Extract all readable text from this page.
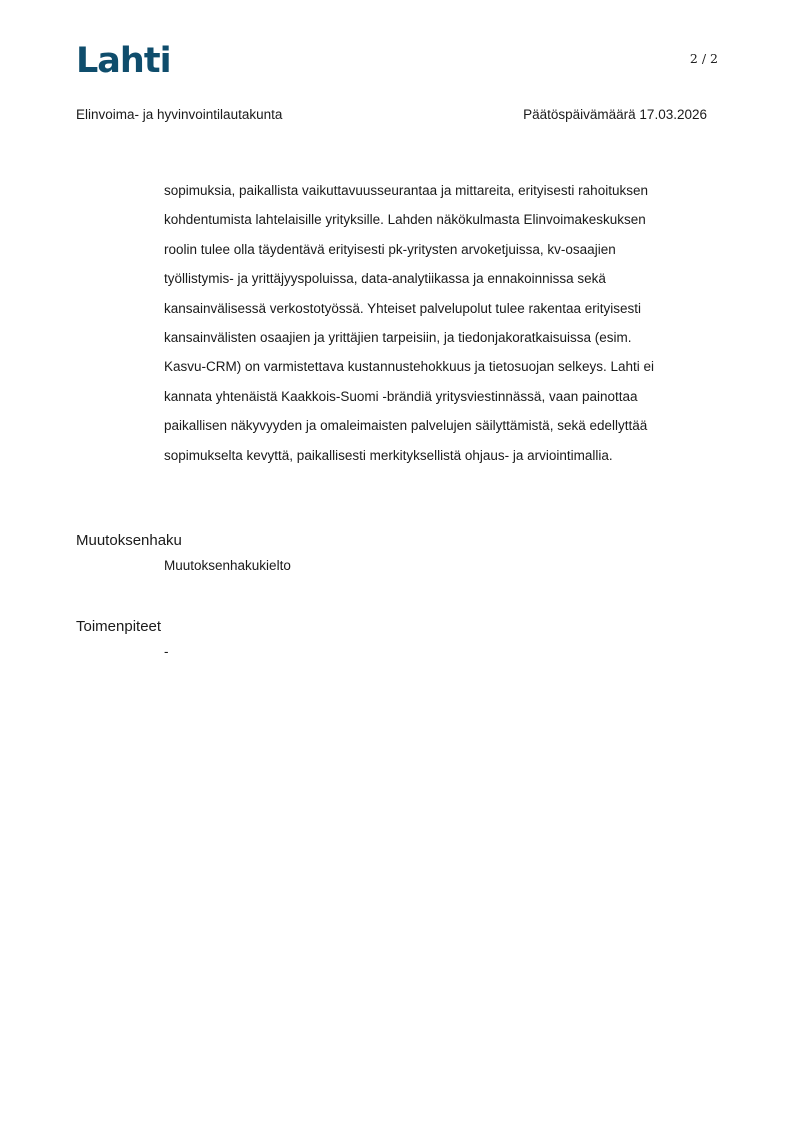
Lahti	2 / 2
Elinvoima- ja hyvinvointilautakunta	Päätöspäivämäärä 17.03.2026

sopimuksia, paikallista vaikuttavuusseurantaa ja mittareita, erityisesti rahoituksen

kohdentumista lahtelaisille yrityksille. Lahden näkökulmasta Elinvoimakeskuksen

roolin tulee olla täydentävä erityisesti pk-yritysten arvoketjuissa, kv-osaajien

työllistymis- ja yrittäjyyspoluissa, data-analytiikassa ja ennakoinnissa sekä

kansainvälisessä verkostotyössä. Yhteiset palvelupolut tulee rakentaa erityisesti

kansainvälisten osaajien ja yrittäjien tarpeisiin, ja tiedonjakoratkaisuissa (esim.

Kasvu-CRM) on varmistettava kustannustehokkuus ja tietosuojan selkeys. Lahti ei

kannata yhtenäistä Kaakkois-Suomi -brändiä yritysviestinnässä, vaan painottaa

paikallisen näkyvyyden ja omaleimaisten palvelujen säilyttämistä, sekä edellyttää

sopimukselta kevyttä, paikallisesti merkityksellistä ohjaus- ja arviointimallia.

Muutoksenhaku
Muutoksenhakukielto
Toimenpiteet
-
